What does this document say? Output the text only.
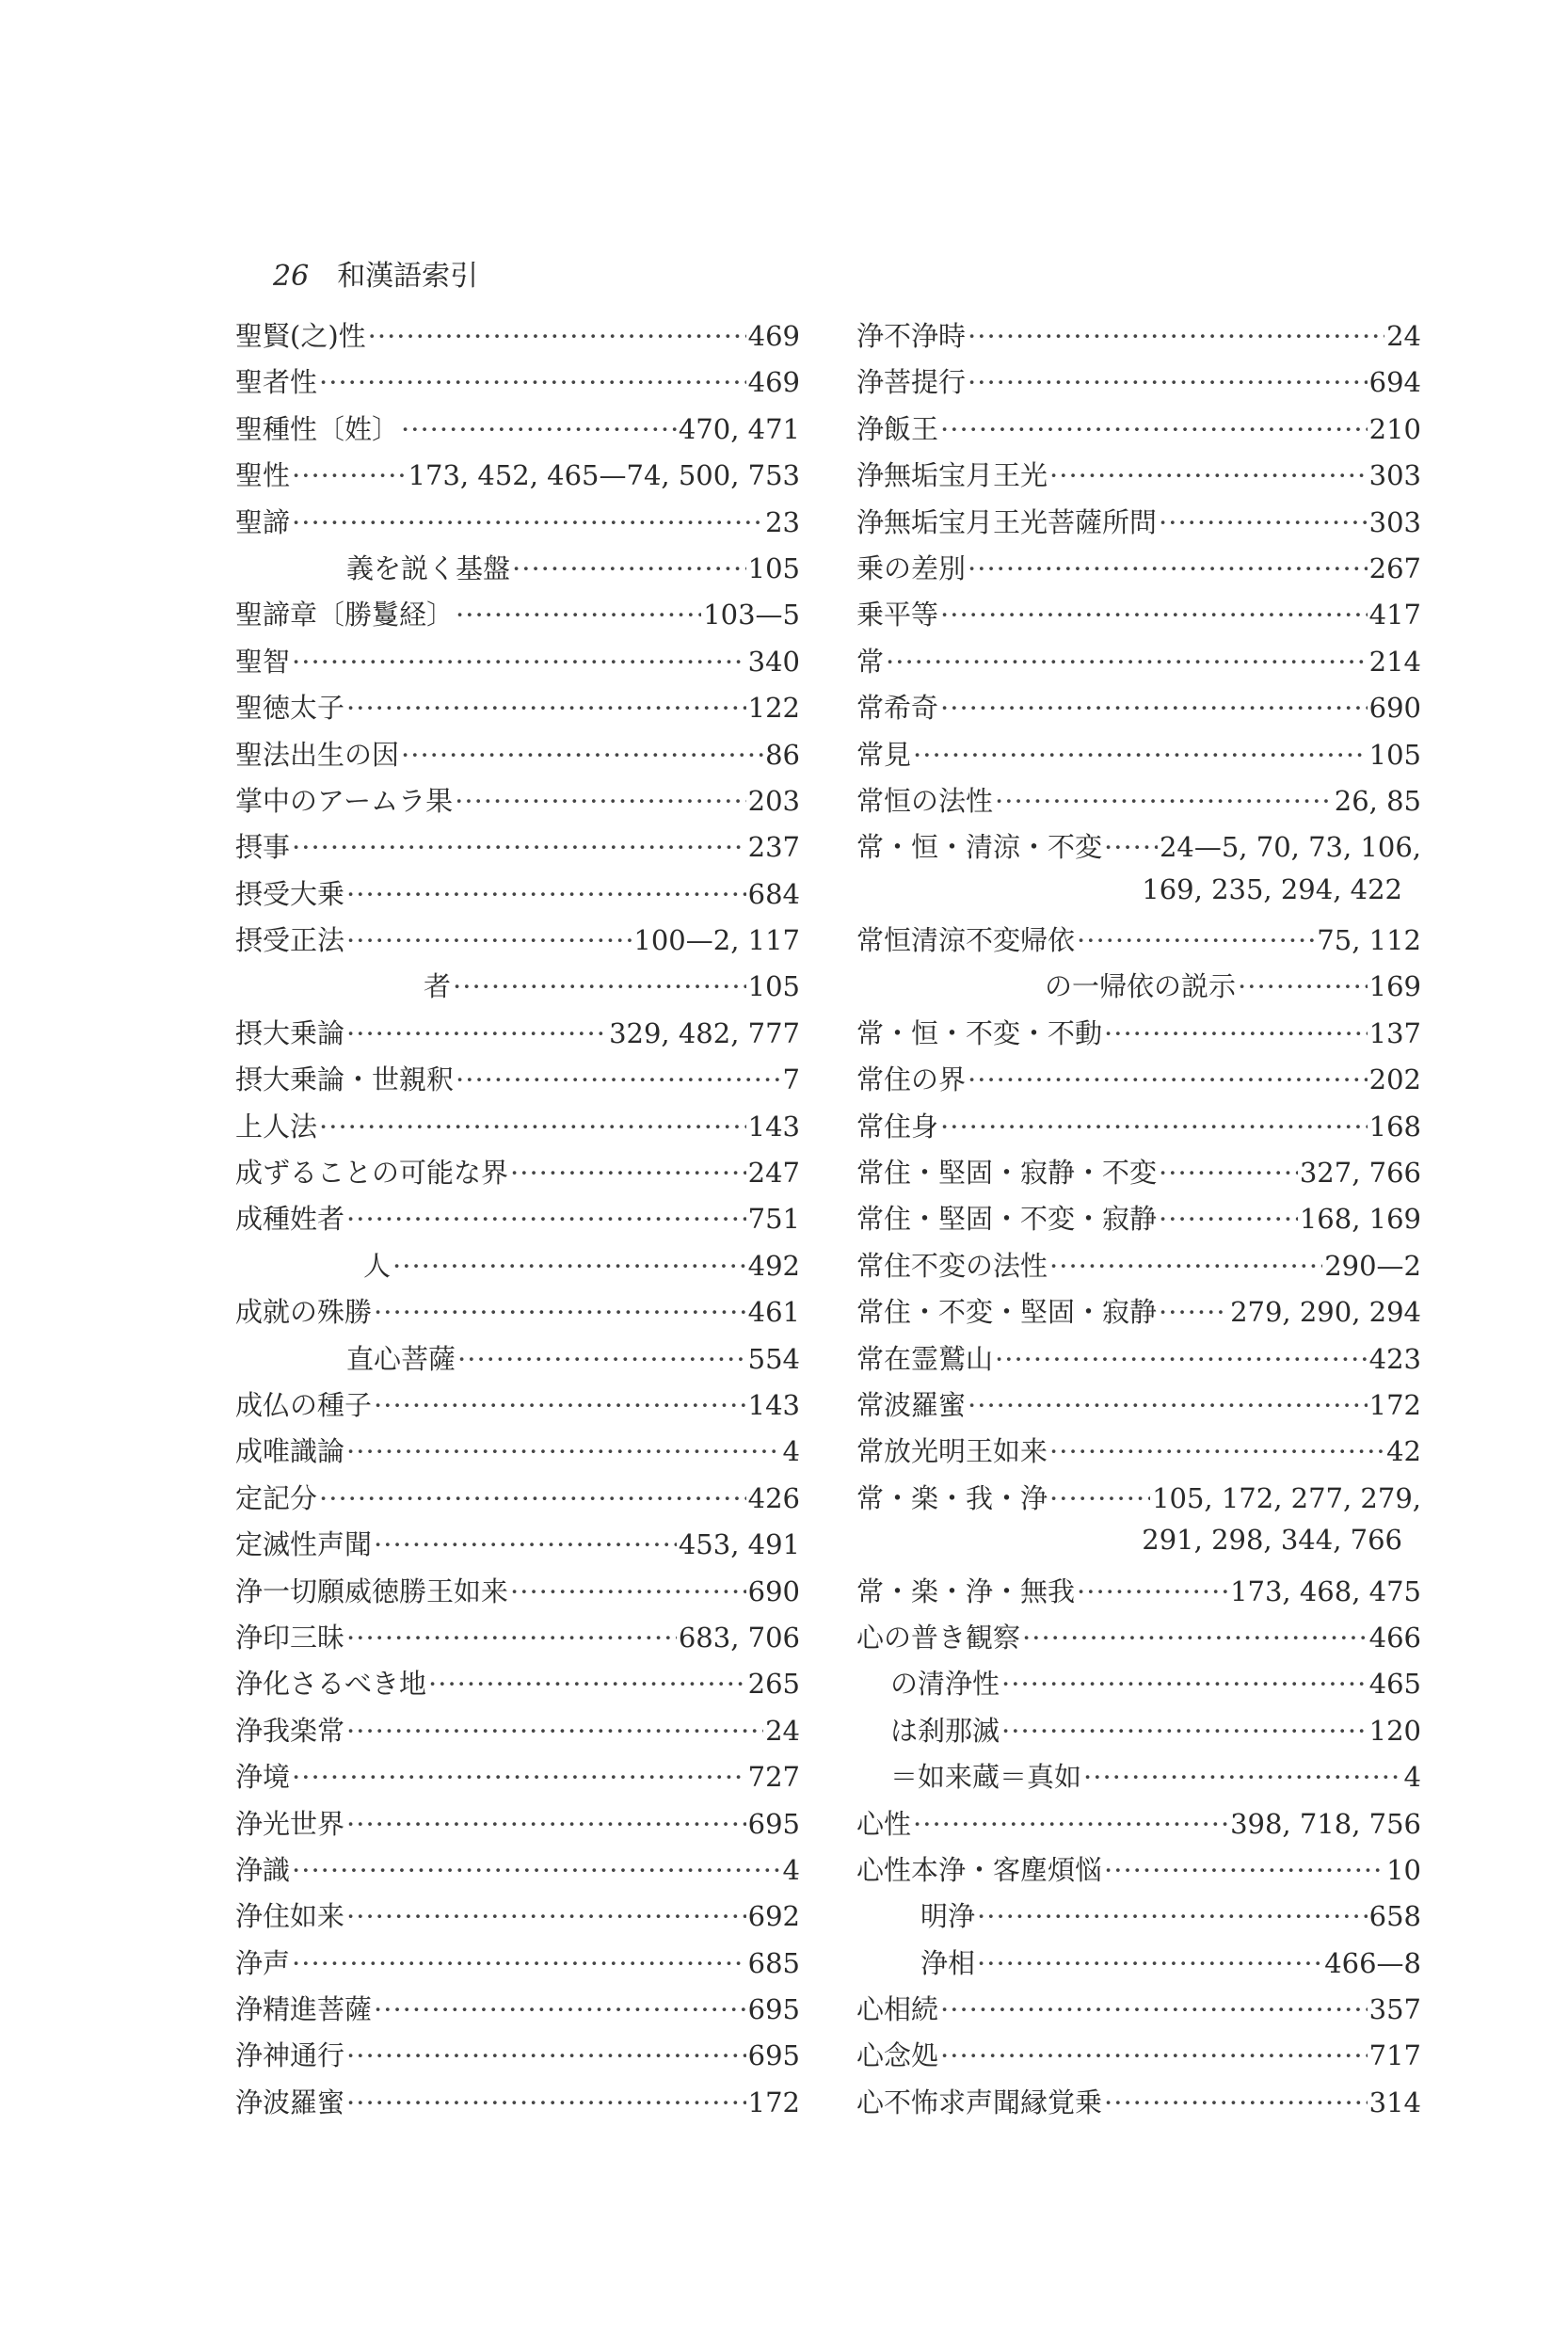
26 和漢語索引
聖賢(之)性 ·····	469
聖者性 ·····	469
聖種性〔姓〕 ·····	470, 471
聖性 ·····	173, 452, 465—74, 500, 753
聖諦 ·····	23
義を説く基盤 ·····	105
聖諦章〔勝鬘経〕 ·····	103—5
聖智 ·····	340
聖徳太子 ·····	122
聖法出生の因 ·····	86
掌中のアームラ果 ·····	203
摂事 ·····	237
摂受大乗 ·····	684
摂受正法 ·····	100—2, 117
者 ·····	105
摂大乗論 ·····	329, 482, 777
摂大乗論・世親釈 ·····	7
上人法 ·····	143
成ずることの可能な界 ·····	247
成種姓者 ·····	751
人 ·····	492
成就の殊勝 ·····	461
直心菩薩 ·····	554
成仏の種子 ·····	143
成唯識論 ·····	4
定記分 ·····	426
定滅性声聞 ·····	453, 491
浄一切願威徳勝王如来 ·····	690
浄印三昧 ·····	683, 706
浄化さるべき地 ·····	265
浄我楽常 ·····	24
浄境 ·····	727
浄光世界 ·····	695
浄識 ·····	4
浄住如来 ·····	692
浄声 ·····	685
浄精進菩薩 ·····	695
浄神通行 ·····	695
浄波羅蜜 ·····	172
浄不浄時 ·····	24
浄菩提行 ·····	694
浄飯王 ·····	210
浄無垢宝月王光 ·····	303
浄無垢宝月王光菩薩所問 ·····	303
乗の差別 ·····	267
乗平等 ·····	417
常 ·····	214
常希奇 ·····	690
常見 ·····	105
常恒の法性 ·····	26, 85
常・恒・清涼・不変 ····· 24—5, 70, 73, 106,
169, 235, 294, 422
常恒清涼不変帰依 ·····	75, 112
の一帰依の説示 ·····	169
常・恒・不変・不動 ·····	137
常住の界 ·····	202
常住身 ·····	168
常住・堅固・寂静・不変 ·····	327, 766
常住・堅固・不変・寂静 ·····	168, 169
常住不変の法性 ·····	290—2
常住・不変・堅固・寂静 ·····	279, 290, 294
常在霊鷲山 ·····	423
常波羅蜜 ·····	172
常放光明王如来 ·····	42
常・楽・我・浄 ·····	105, 172, 277, 279,
291, 298, 344, 766
常・楽・浄・無我 ·····	173, 468, 475
心の普き観察 ·····	466
の清浄性 ·····	465
は刹那滅 ·····	120
＝如来蔵＝真如 ·····	4
心性 ·····	398, 718, 756
心性本浄・客塵煩悩 ·····	10
明浄 ·····	658
浄相 ·····	466—8
心相続 ·····	357
心念処 ·····	717
心不怖求声聞縁覚乗 ·····	314
